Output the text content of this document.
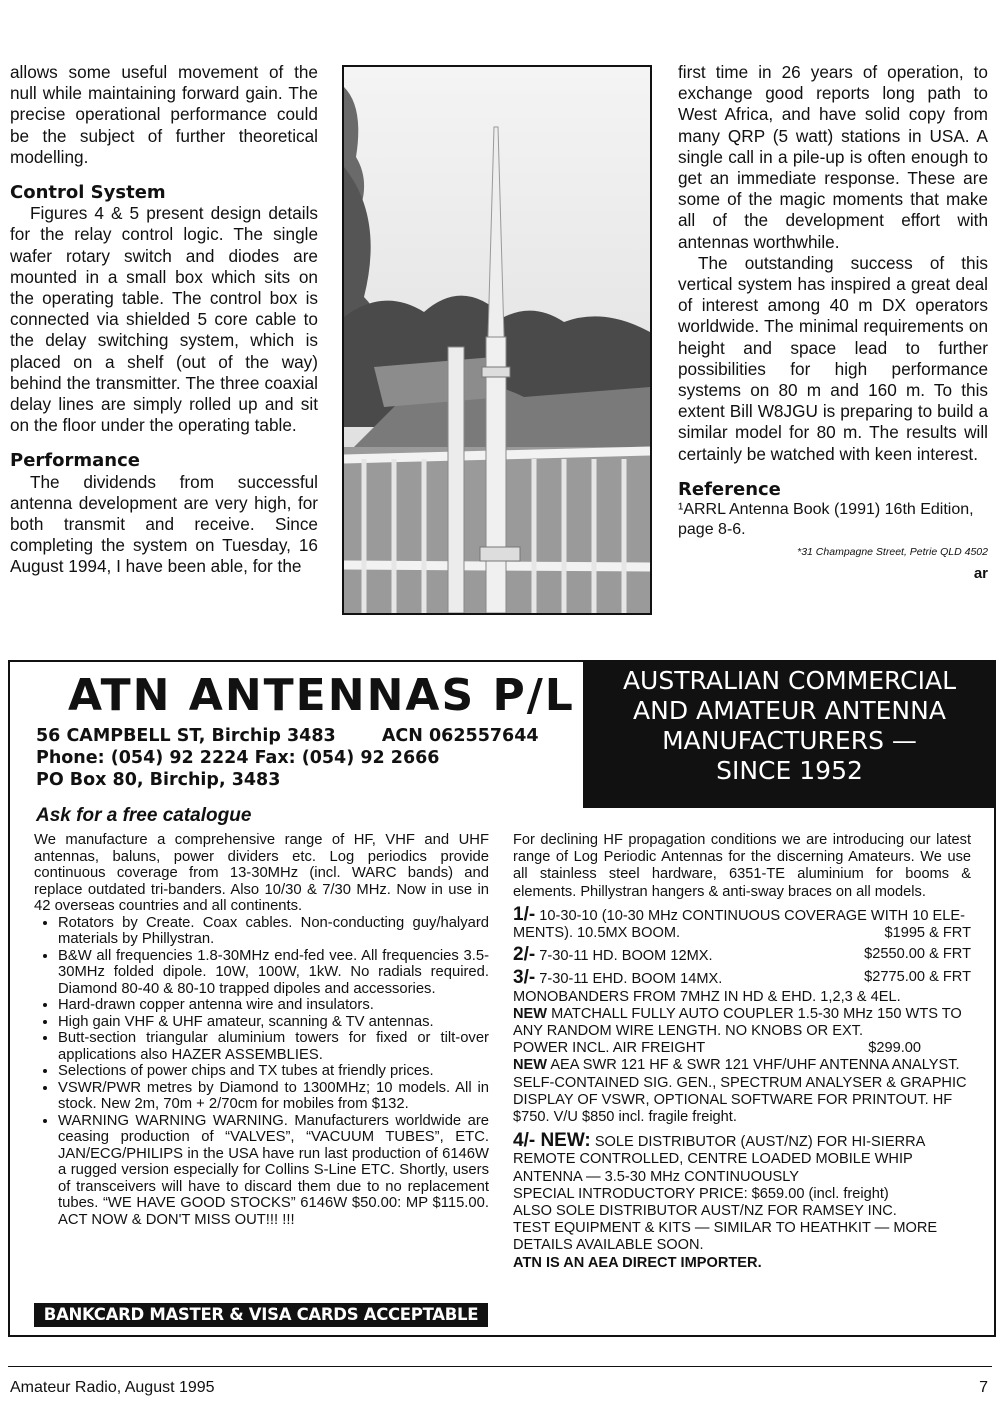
allows some useful movement of the null while maintaining forward gain. The precise operational performance could be the subject of further theoretical modelling.

Control System

Figures 4 & 5 present design details for the relay control logic. The single wafer rotary switch and diodes are mounted in a small box which sits on the operating table. The control box is connected via shielded 5 core cable to the delay switching system, which is placed on a shelf (out of the way) behind the transmitter. The three coaxial delay lines are simply rolled up and sit on the floor under the operating table.

Performance

The dividends from successful antenna development are very high, for both transmit and receive. Since completing the system on Tuesday, 16 August 1994, I have been able, for the

first time in 26 years of operation, to exchange good reports long path to West Africa, and have solid copy from many QRP (5 watt) stations in USA. A single call in a pile-up is often enough to get an immediate response. These are some of the magic moments that make all of the development effort with antennas worthwhile.

The outstanding success of this vertical system has inspired a great deal of interest among 40 m DX operators worldwide. The minimal requirements on height and space lead to further possibilities for high performance systems on 80 m and 160 m. To this extent Bill W8JGU is preparing to build a similar model for 80 m. The results will certainly be watched with keen interest.

Reference

¹ARRL Antenna Book (1991) 16th Edition, page 8-6.

*31 Champagne Street, Petrie QLD 4502
ar
ATN ANTENNAS P/L
56 CAMPBELL ST, Birchip 3483	ACN 062557644
Phone: (054) 92 2224 Fax: (054) 92 2666
PO Box 80, Birchip, 3483
AUSTRALIAN COMMERCIAL
AND AMATEUR ANTENNA
MANUFACTURERS —
SINCE 1952
Ask for a free catalogue

We manufacture a comprehensive range of HF, VHF and UHF antennas, baluns, power dividers etc. Log periodics provide continuous coverage from 13-30MHz (incl. WARC bands) and replace outdated tri-banders. Also 10/30 & 7/30 MHz. Now in use in 42 overseas countries and all continents.

• Rotators by Create. Coax cables. Non-conducting guy/halyard materials by Phillystran.
• B&W all frequencies 1.8-30MHz end-fed vee. All frequencies 3.5-30MHz folded dipole. 10W, 100W, 1kW. No radials required. Diamond 80-40 & 80-10 trapped dipoles and accessories.
• Hard-drawn copper antenna wire and insulators.
• High gain VHF & UHF amateur, scanning & TV antennas.
• Butt-section triangular aluminium towers for fixed or tilt-over applications also HAZER ASSEMBLIES.
• Selections of power chips and TX tubes at friendly prices.
• VSWR/PWR metres by Diamond to 1300MHz; 10 models. All in stock. New 2m, 70m + 2/70cm for mobiles from $132.
• WARNING WARNING WARNING. Manufacturers worldwide are ceasing production of “VALVES”, “VACUUM TUBES”, ETC. JAN/ECG/PHILIPS in the USA have run last production of 6146W a rugged version especially for Collins S-Line ETC. Shortly, users of transceivers will have to discard them due to no replacement tubes. “WE HAVE GOOD STOCKS” 6146W $50.00: MP $115.00. ACT NOW & DON'T MISS OUT!!! !!!
BANKCARD MASTER & VISA CARDS ACCEPTABLE

For declining HF propagation conditions we are introducing our latest range of Log Periodic Antennas for the discerning Amateurs. We use all stainless steel hardware, 6351-TE aluminium for booms & elements. Phillystran hangers & anti-sway braces on all models.

1/- 10-30-10 (10-30 MHz CONTINUOUS COVERAGE WITH 10 ELE-
MENTS). 10.5MX BOOM.	$1995 & FRT
2/- 7-30-11 HD. BOOM 12MX.	$2550.00 & FRT
3/- 7-30-11 EHD. BOOM 14MX.	$2775.00 & FRT

MONOBANDERS FROM 7MHZ IN HD & EHD. 1,2,3 & 4EL.

NEW MATCHALL FULLY AUTO COUPLER 1.5-30 MHz 150 WTS TO ANY RANDOM WIRE LENGTH. NO KNOBS OR EXT.

POWER INCL. AIR FREIGHT	$299.00

NEW AEA SWR 121 HF & SWR 121 VHF/UHF ANTENNA ANALYST. SELF-CONTAINED SIG. GEN., SPECTRUM ANALYSER & GRAPHIC DISPLAY OF VSWR, OPTIONAL SOFTWARE FOR PRINTOUT. HF $750. V/U $850 incl. fragile freight.

4/- NEW: SOLE DISTRIBUTOR (AUST/NZ) FOR HI-SIERRA REMOTE CONTROLLED, CENTRE LOADED MOBILE WHIP ANTENNA — 3.5-30 MHz CONTINUOUSLY

SPECIAL INTRODUCTORY PRICE: $659.00 (incl. freight)

ALSO SOLE DISTRIBUTOR AUST/NZ FOR RAMSEY INC.

TEST EQUIPMENT & KITS — SIMILAR TO HEATHKIT — MORE DETAILS AVAILABLE SOON.

ATN IS AN AEA DIRECT IMPORTER.

Amateur Radio, August 1995	7
